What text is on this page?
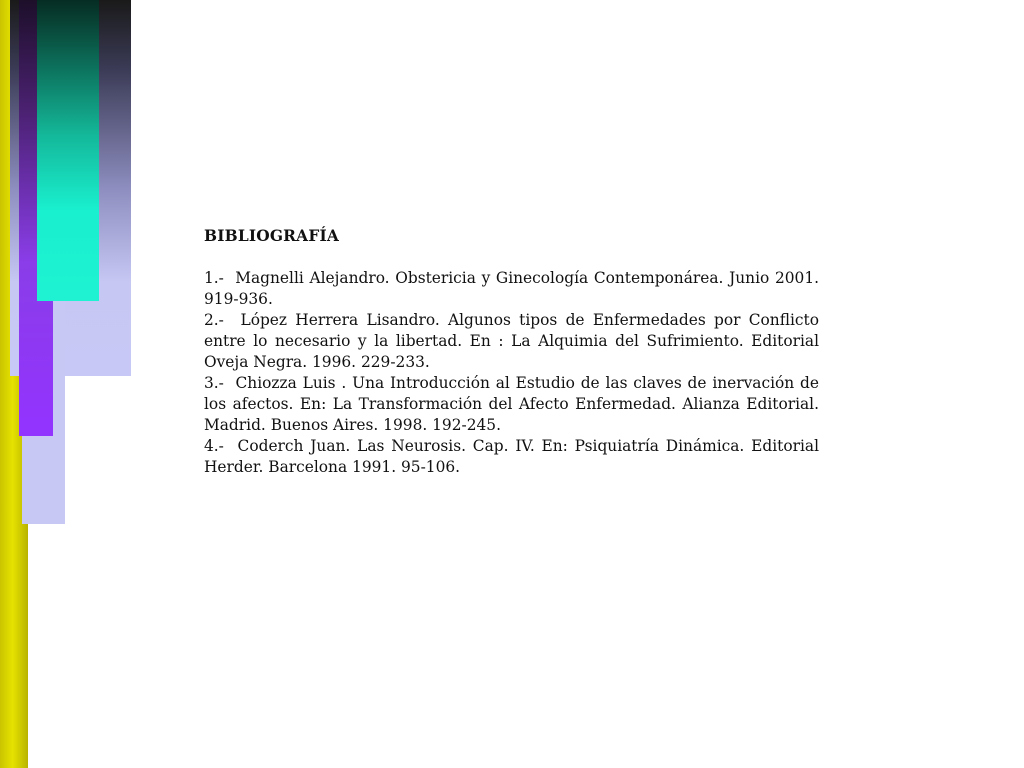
BIBLIOGRAFÍA

1.- Magnelli Alejandro. Obstericia y Ginecología Contemponárea. Junio 2001. 919-936.

2.- López Herrera Lisandro. Algunos tipos de Enfermedades por Conflicto entre lo necesario y la libertad. En : La Alquimia del Sufrimiento. Editorial Oveja Negra. 1996. 229-233.

3.- Chiozza Luis . Una Introducción al Estudio de las claves de inervación de los afectos. En: La Transformación del Afecto Enfermedad. Alianza Editorial. Madrid. Buenos Aires. 1998. 192-245.

4.- Coderch Juan. Las Neurosis. Cap. IV. En: Psiquiatría Dinámica. Editorial Herder. Barcelona 1991. 95-106.
